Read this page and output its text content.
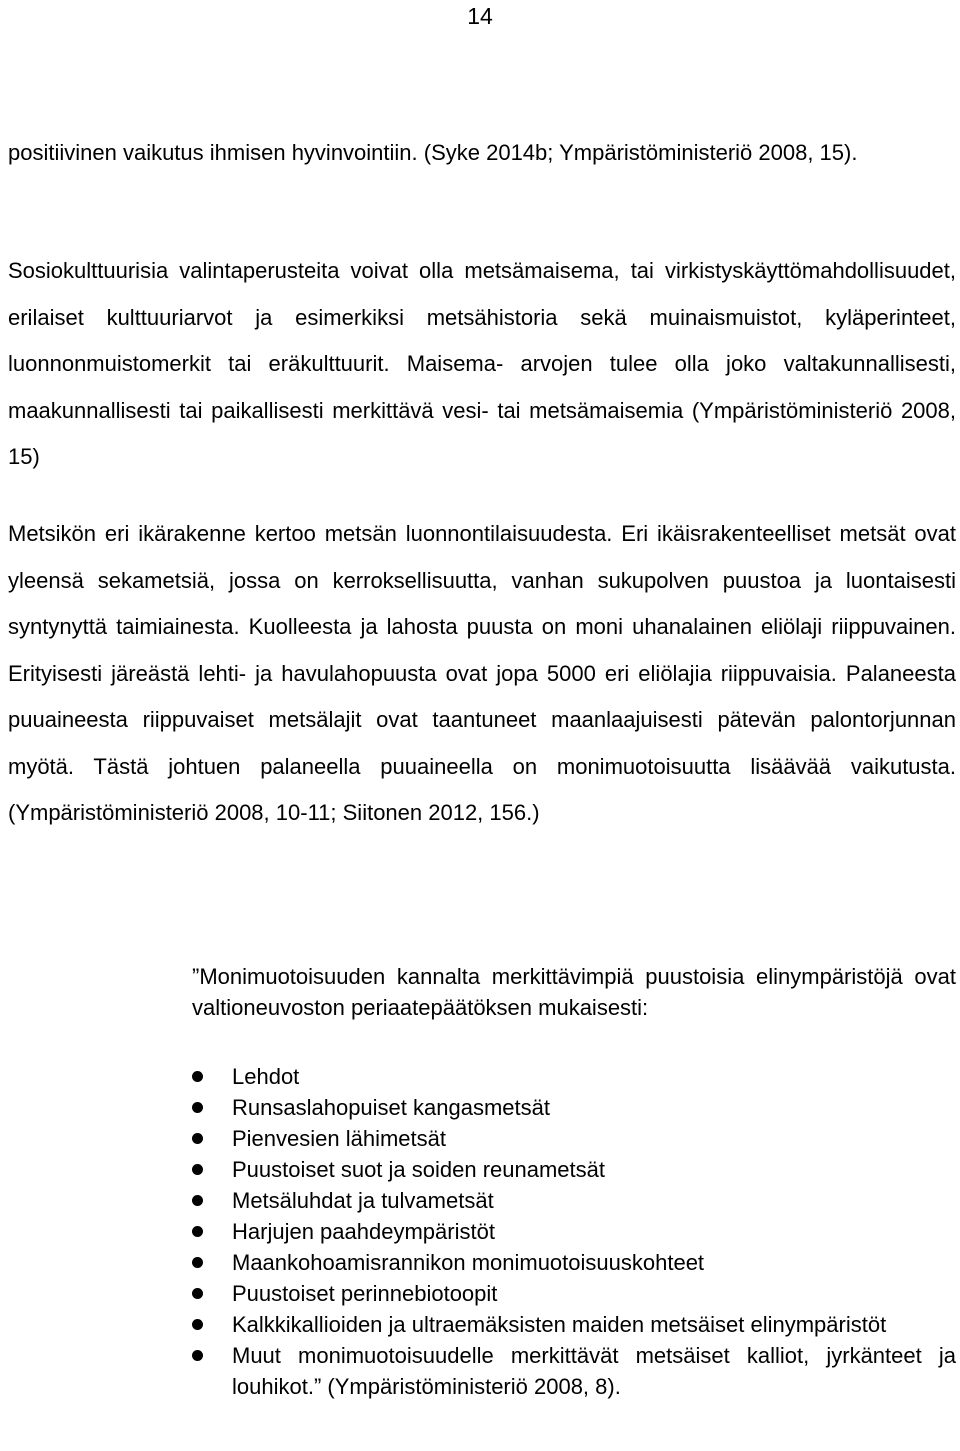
14

positiivinen vaikutus ihmisen hyvinvointiin. (Syke 2014b; Ympäristöministeriö 2008, 15).

Sosiokulttuurisia valintaperusteita voivat olla metsämaisema, tai virkistyskäyttömahdollisuudet, erilaiset kulttuuriarvot ja esimerkiksi metsähistoria sekä muinaismuistot, kyläperinteet, luonnonmuistomerkit tai eräkulttuurit. Maisema- arvojen tulee olla joko valtakunnallisesti, maakunnallisesti tai paikallisesti merkittävä vesi- tai metsämaisemia (Ympäristöministeriö 2008, 15)

Metsikön eri ikärakenne kertoo metsän luonnontilaisuudesta. Eri ikäisrakenteelliset metsät ovat yleensä sekametsiä, jossa on kerroksellisuutta, vanhan sukupolven puustoa ja luontaisesti syntynyttä taimiainesta. Kuolleesta ja lahosta puusta on moni uhanalainen eliölaji riippuvainen. Erityisesti järeästä lehti- ja havulahopuusta ovat jopa 5000 eri eliölajia riippuvaisia. Palaneesta puuaineesta riippuvaiset metsälajit ovat taantuneet maanlaajuisesti pätevän palontorjunnan myötä. Tästä johtuen palaneella puuaineella on monimuotoisuutta lisäävää vaikutusta. (Ympäristöministeriö 2008, 10-11; Siitonen 2012, 156.)

”Monimuotoisuuden kannalta merkittävimpiä puustoisia elinympäristöjä ovat valtioneuvoston periaatepäätöksen mukaisesti:

Lehdot
Runsaslahopuiset kangasmetsät
Pienvesien lähimetsät
Puustoiset suot ja soiden reunametsät
Metsäluhdat ja tulvametsät
Harjujen paahdeympäristöt
Maankohoamisrannikon monimuotoisuuskohteet
Puustoiset perinnebiotoopit
Kalkkikallioiden ja ultraemäksisten maiden metsäiset elinympäristöt
Muut monimuotoisuudelle merkittävät metsäiset kalliot, jyrkänteet ja louhikot.” (Ympäristöministeriö 2008, 8).
